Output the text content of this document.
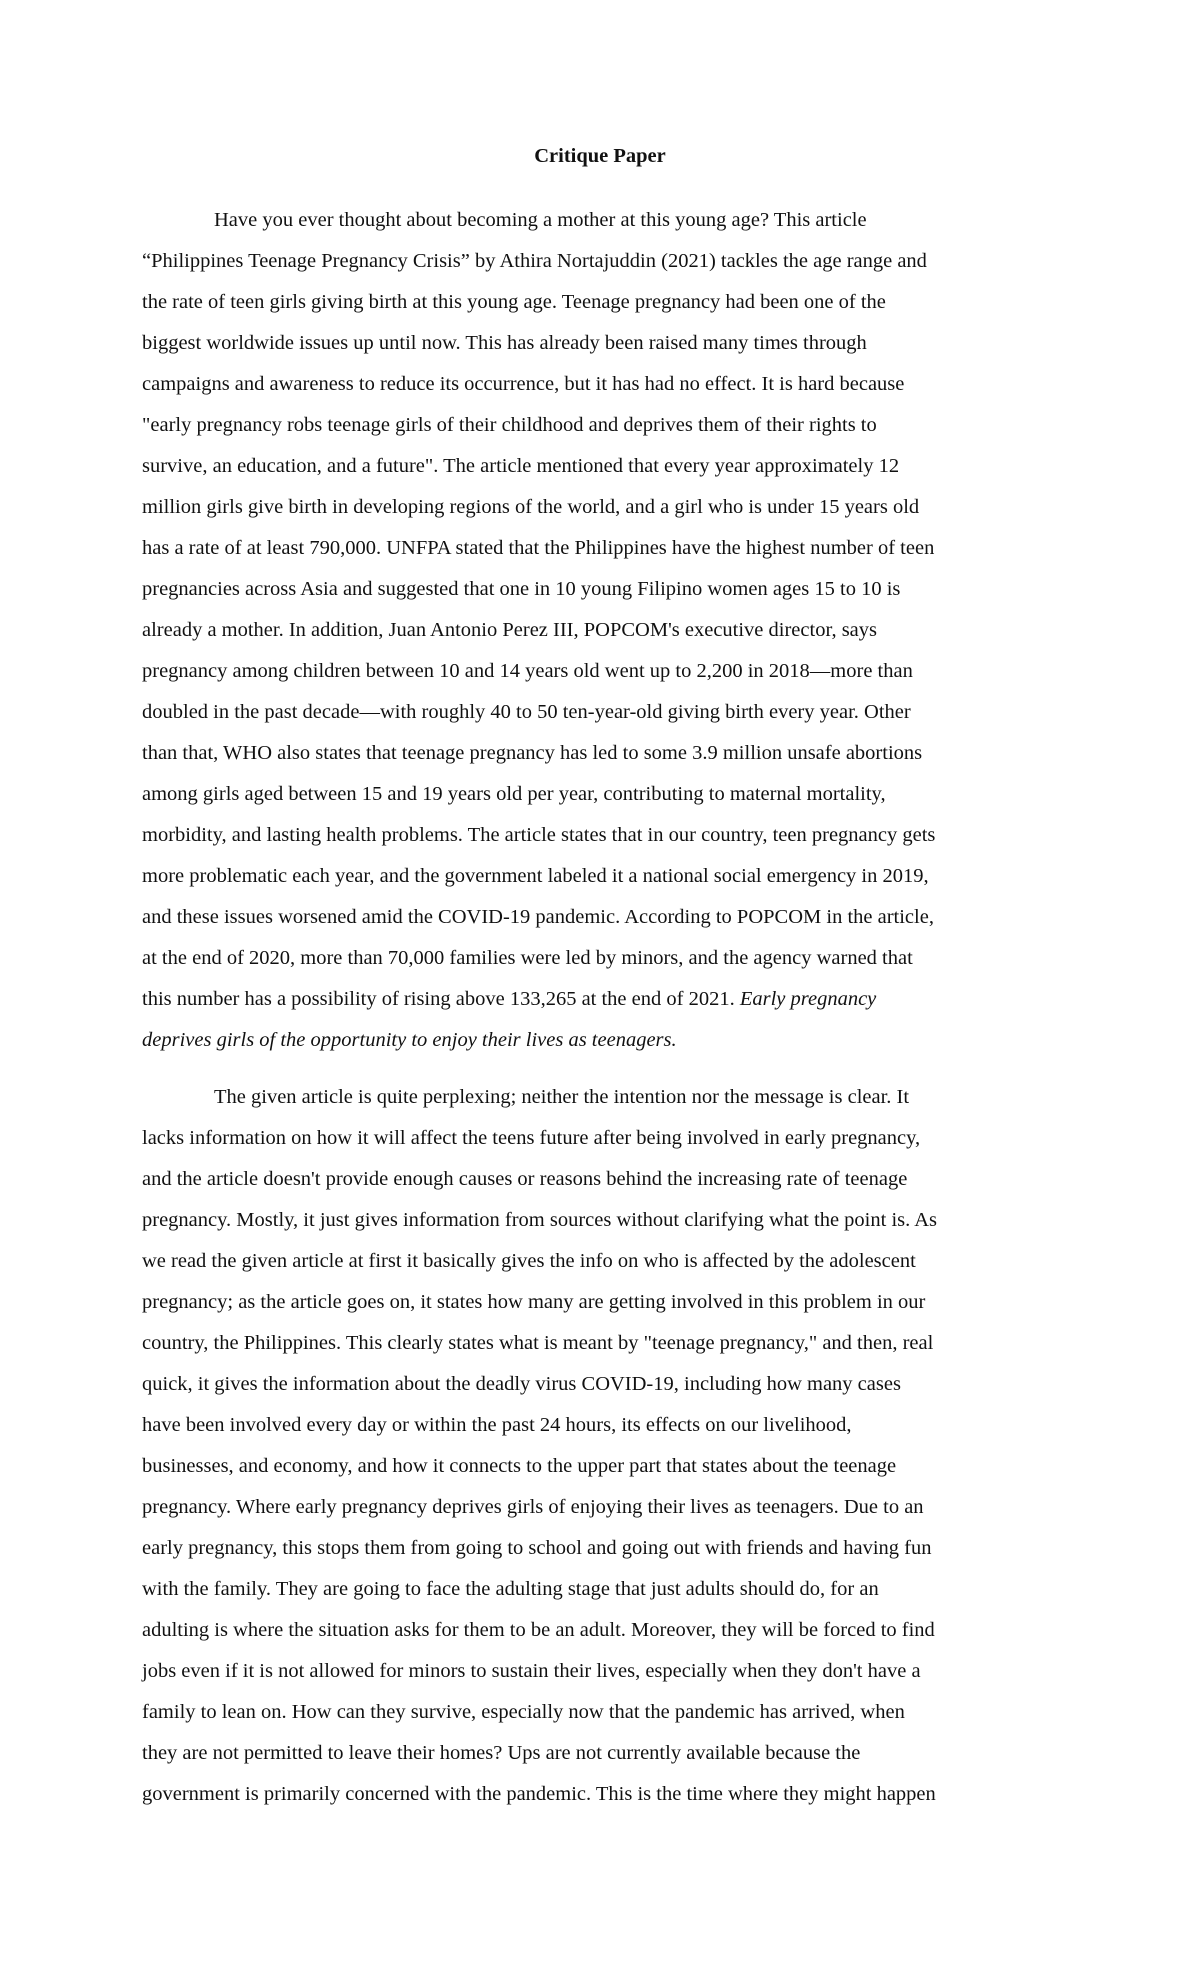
Critique Paper

Have you ever thought about becoming a mother at this young age? This article
“Philippines Teenage Pregnancy Crisis” by Athira Nortajuddin (2021) tackles the age range and
the rate of teen girls giving birth at this young age. Teenage pregnancy had been one of the
biggest worldwide issues up until now. This has already been raised many times through
campaigns and awareness to reduce its occurrence, but it has had no effect. It is hard because
"early pregnancy robs teenage girls of their childhood and deprives them of their rights to
survive, an education, and a future". The article mentioned that every year approximately 12
million girls give birth in developing regions of the world, and a girl who is under 15 years old
has a rate of at least 790,000. UNFPA stated that the Philippines have the highest number of teen
pregnancies across Asia and suggested that one in 10 young Filipino women ages 15 to 10 is
already a mother. In addition, Juan Antonio Perez III, POPCOM's executive director, says
pregnancy among children between 10 and 14 years old went up to 2,200 in 2018—more than
doubled in the past decade—with roughly 40 to 50 ten-year-old giving birth every year. Other
than that, WHO also states that teenage pregnancy has led to some 3.9 million unsafe abortions
among girls aged between 15 and 19 years old per year, contributing to maternal mortality,
morbidity, and lasting health problems. The article states that in our country, teen pregnancy gets
more problematic each year, and the government labeled it a national social emergency in 2019,
and these issues worsened amid the COVID-19 pandemic. According to POPCOM in the article,
at the end of 2020, more than 70,000 families were led by minors, and the agency warned that
this number has a possibility of rising above 133,265 at the end of 2021. Early pregnancy
deprives girls of the opportunity to enjoy their lives as teenagers.

The given article is quite perplexing; neither the intention nor the message is clear. It
lacks information on how it will affect the teens future after being involved in early pregnancy,
and the article doesn't provide enough causes or reasons behind the increasing rate of teenage
pregnancy. Mostly, it just gives information from sources without clarifying what the point is. As
we read the given article at first it basically gives the info on who is affected by the adolescent
pregnancy; as the article goes on, it states how many are getting involved in this problem in our
country, the Philippines. This clearly states what is meant by "teenage pregnancy," and then, real
quick, it gives the information about the deadly virus COVID-19, including how many cases
have been involved every day or within the past 24 hours, its effects on our livelihood,
businesses, and economy, and how it connects to the upper part that states about the teenage
pregnancy. Where early pregnancy deprives girls of enjoying their lives as teenagers. Due to an
early pregnancy, this stops them from going to school and going out with friends and having fun
with the family. They are going to face the adulting stage that just adults should do, for an
adulting is where the situation asks for them to be an adult. Moreover, they will be forced to find
jobs even if it is not allowed for minors to sustain their lives, especially when they don't have a
family to lean on. How can they survive, especially now that the pandemic has arrived, when
they are not permitted to leave their homes? Ups are not currently available because the
government is primarily concerned with the pandemic. This is the time where they might happen
